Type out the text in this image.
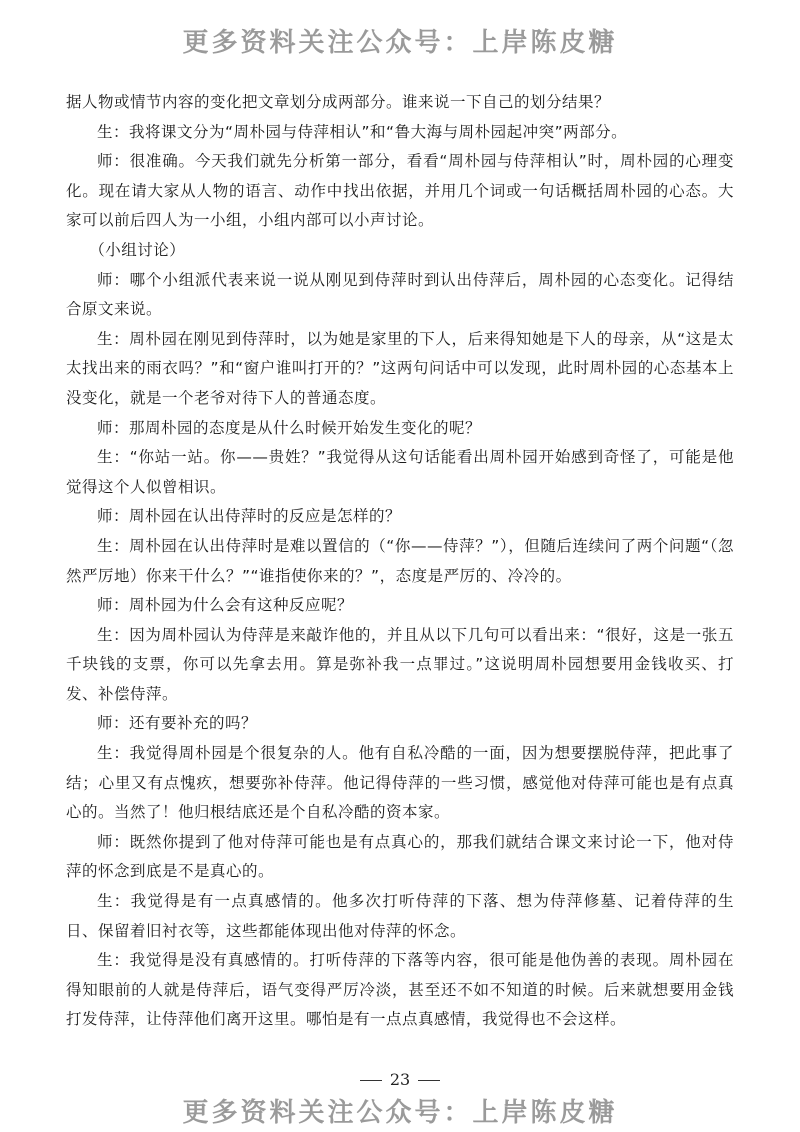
更多资料关注公众号：上岸陈皮糖

据人物或情节内容的变化把文章划分成两部分。谁来说一下自己的划分结果？

生：我将课文分为“周朴园与侍萍相认”和“鲁大海与周朴园起冲突”两部分。

师：很准确。今天我们就先分析第一部分，看看“周朴园与侍萍相认”时，周朴园的心理变化。现在请大家从人物的语言、动作中找出依据，并用几个词或一句话概括周朴园的心态。大家可以前后四人为一小组，小组内部可以小声讨论。

（小组讨论）

师：哪个小组派代表来说一说从刚见到侍萍时到认出侍萍后，周朴园的心态变化。记得结合原文来说。

生：周朴园在刚见到侍萍时，以为她是家里的下人，后来得知她是下人的母亲，从“这是太太找出来的雨衣吗？”和“窗户谁叫打开的？”这两句问话中可以发现，此时周朴园的心态基本上没变化，就是一个老爷对待下人的普通态度。

师：那周朴园的态度是从什么时候开始发生变化的呢？

生：“你站一站。你——贵姓？”我觉得从这句话能看出周朴园开始感到奇怪了，可能是他觉得这个人似曾相识。

师：周朴园在认出侍萍时的反应是怎样的？

生：周朴园在认出侍萍时是难以置信的（“你——侍萍？”），但随后连续问了两个问题“（忽然严厉地）你来干什么？”“谁指使你来的？”，态度是严厉的、冷冷的。

师：周朴园为什么会有这种反应呢？

生：因为周朴园认为侍萍是来敲诈他的，并且从以下几句可以看出来：“很好，这是一张五千块钱的支票，你可以先拿去用。算是弥补我一点罪过。”这说明周朴园想要用金钱收买、打发、补偿侍萍。

师：还有要补充的吗？

生：我觉得周朴园是个很复杂的人。他有自私冷酷的一面，因为想要摆脱侍萍，把此事了结；心里又有点愧疚，想要弥补侍萍。他记得侍萍的一些习惯，感觉他对侍萍可能也是有点真心的。当然了！他归根结底还是个自私冷酷的资本家。

师：既然你提到了他对侍萍可能也是有点真心的，那我们就结合课文来讨论一下，他对侍萍的怀念到底是不是真心的。

生：我觉得是有一点真感情的。他多次打听侍萍的下落、想为侍萍修墓、记着侍萍的生日、保留着旧衬衣等，这些都能体现出他对侍萍的怀念。

生：我觉得是没有真感情的。打听侍萍的下落等内容，很可能是他伪善的表现。周朴园在得知眼前的人就是侍萍后，语气变得严厉冷淡，甚至还不如不知道的时候。后来就想要用金钱打发侍萍，让侍萍他们离开这里。哪怕是有一点点真感情，我觉得也不会这样。

23
更多资料关注公众号：上岸陈皮糖
